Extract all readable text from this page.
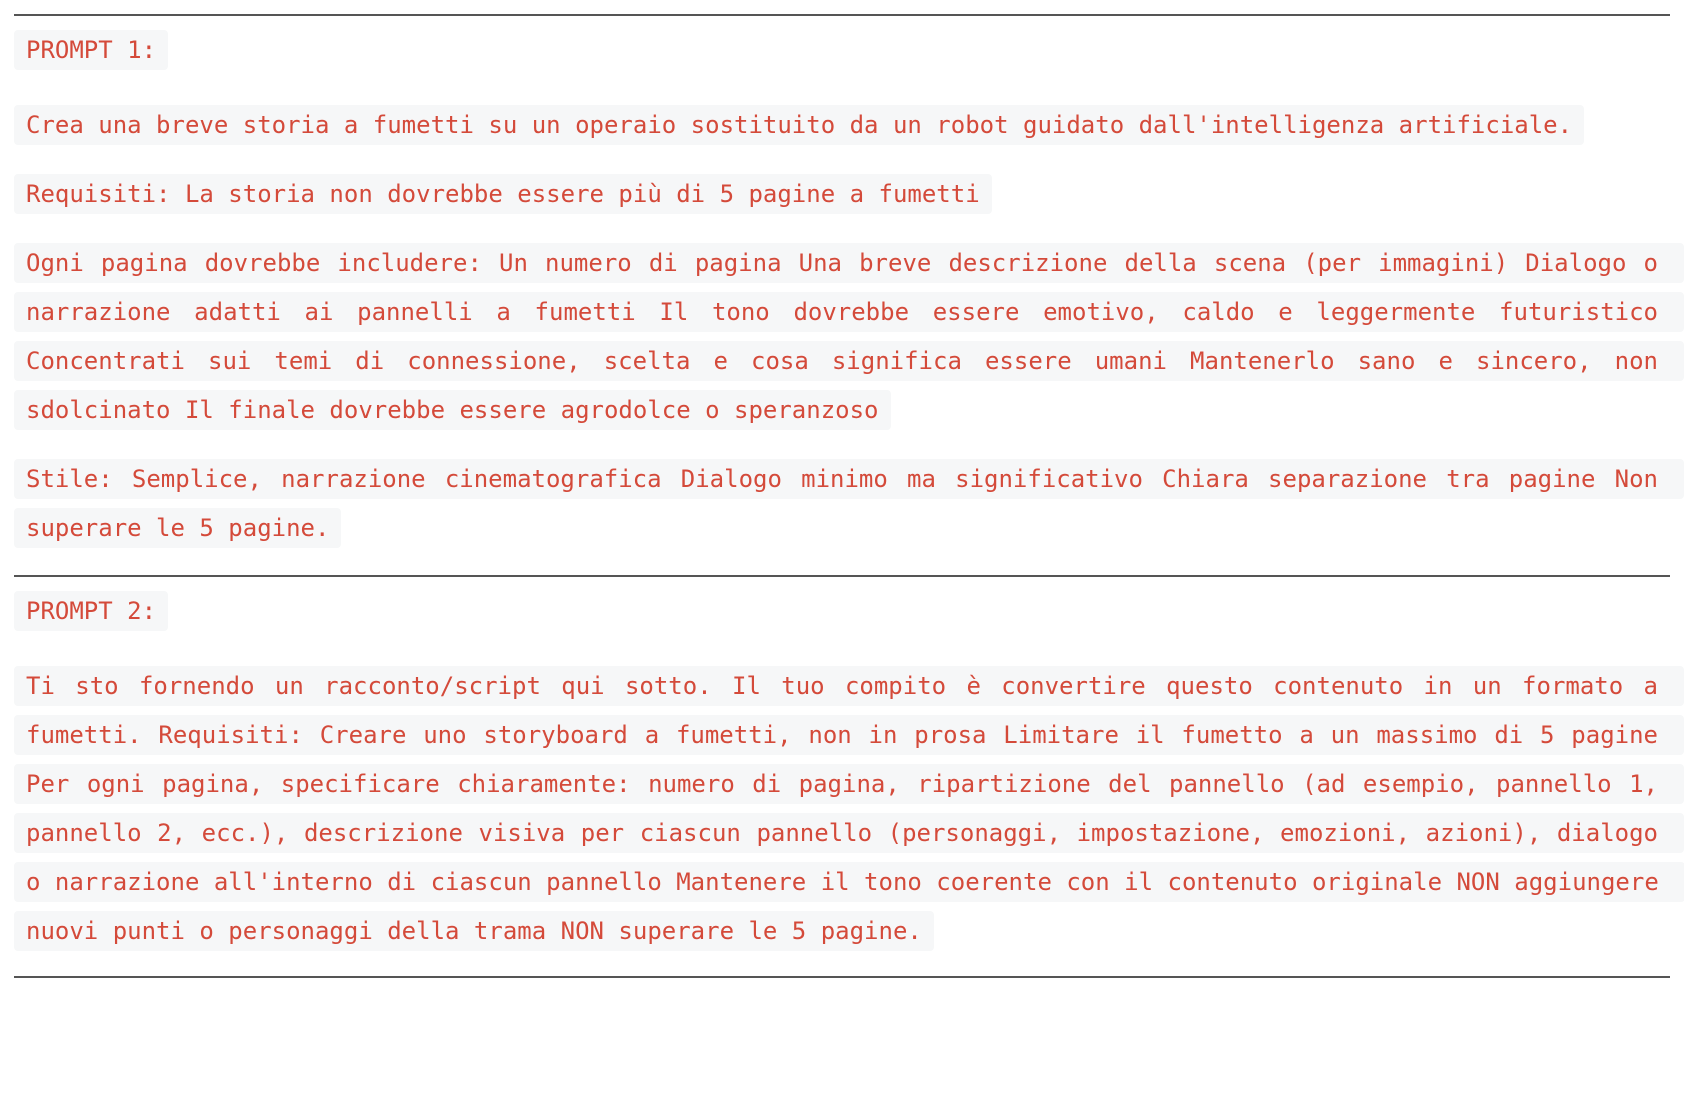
PROMPT 1:

Crea una breve storia a fumetti su un operaio sostituito da un robot guidato dall'intelligenza artificiale.

Requisiti: La storia non dovrebbe essere più di 5 pagine a fumetti

Ogni pagina dovrebbe includere: Un numero di pagina Una breve descrizione della scena (per immagini) Dialogo o narrazione adatti ai pannelli a fumetti Il tono dovrebbe essere emotivo, caldo e leggermente futuristico Concentrati sui temi di connessione, scelta e cosa significa essere umani Mantenerlo sano e sincero, non sdolcinato Il finale dovrebbe essere agrodolce o speranzoso

Stile: Semplice, narrazione cinematografica Dialogo minimo ma significativo Chiara separazione tra pagine Non superare le 5 pagine.

PROMPT 2:

Ti sto fornendo un racconto/script qui sotto. Il tuo compito è convertire questo contenuto in un formato a fumetti. Requisiti: Creare uno storyboard a fumetti, non in prosa Limitare il fumetto a un massimo di 5 pagine Per ogni pagina, specificare chiaramente: numero di pagina, ripartizione del pannello (ad esempio, pannello 1, pannello 2, ecc.), descrizione visiva per ciascun pannello (personaggi, impostazione, emozioni, azioni), dialogo o narrazione all'interno di ciascun pannello Mantenere il tono coerente con il contenuto originale NON aggiungere nuovi punti o personaggi della trama NON superare le 5 pagine.
